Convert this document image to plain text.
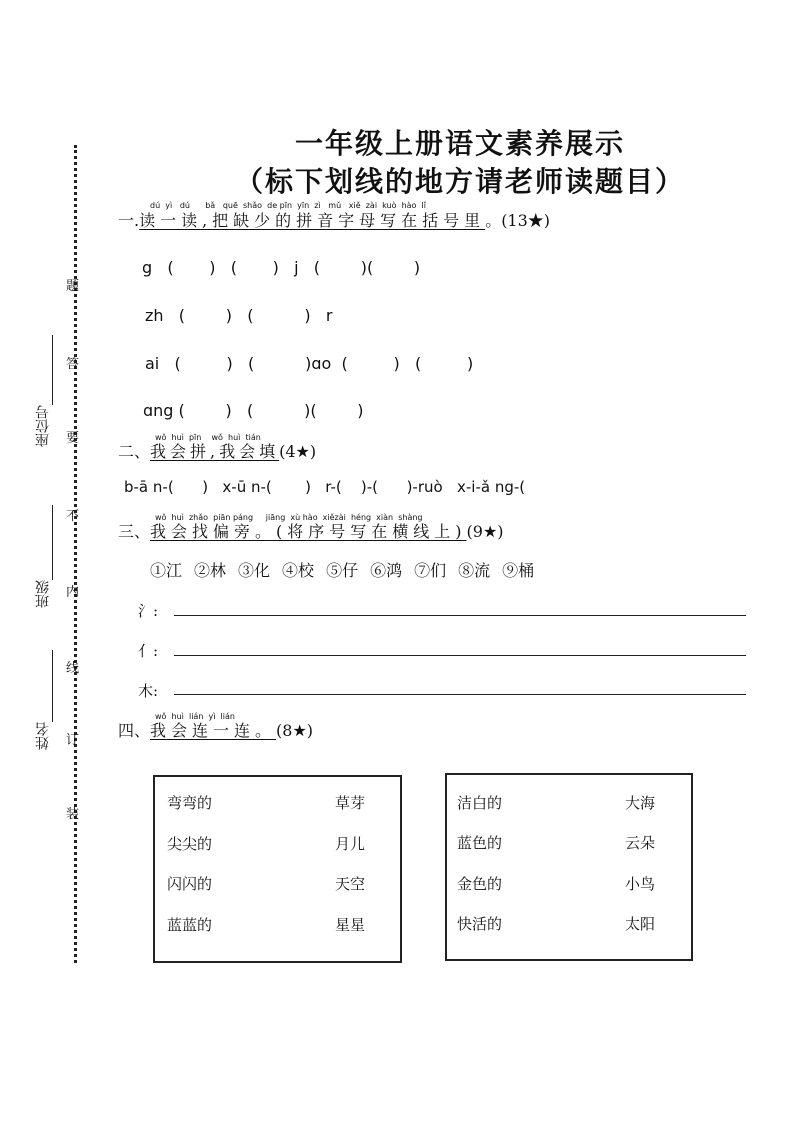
姓名
班级
座位号
装
订
线
内
不
要
答
题
一年级上册语文素养展示
（标下划线的地方请老师读题目）
dú  yì   dú      bǎ   quē  shǎo  de pīn  yīn  zì   mǔ   xiě  zài  kuò  hào  lǐ
一.读一读,把缺少的拼音字母写在括号里。(13★)
g   (       )   (       )   j   (        )(        )
zh   (        )   (          )   r
ai   (         )   (          )ɑo  (         )   (         )
ɑng (        )   (          )(        )
wǒ  huì  pīn    wǒ  huì  tián
二、我会拼,我会填(4★)
b-ā n-(      )   x-ū n-(       )   r-(    )-(      )-ruò   x-i-ǎ ng-(
wǒ  huì  zhǎo  piān páng     jiāng  xù hào  xiězài  héng  xiàn  shàng
三、我会找偏旁。(将序号写在横线上)(9★)
①江 ②林 ③化 ④校 ⑤仔 ⑥鸿 ⑦们 ⑧流 ⑨桶
氵:
亻:
木:
wǒ  huì  lián  yì  lián
四、我会连一连。(8★)
弯弯的
尖尖的
闪闪的
蓝蓝的
草芽
月儿
天空
星星
洁白的
蓝色的
金色的
快活的
大海
云朵
小鸟
太阳
